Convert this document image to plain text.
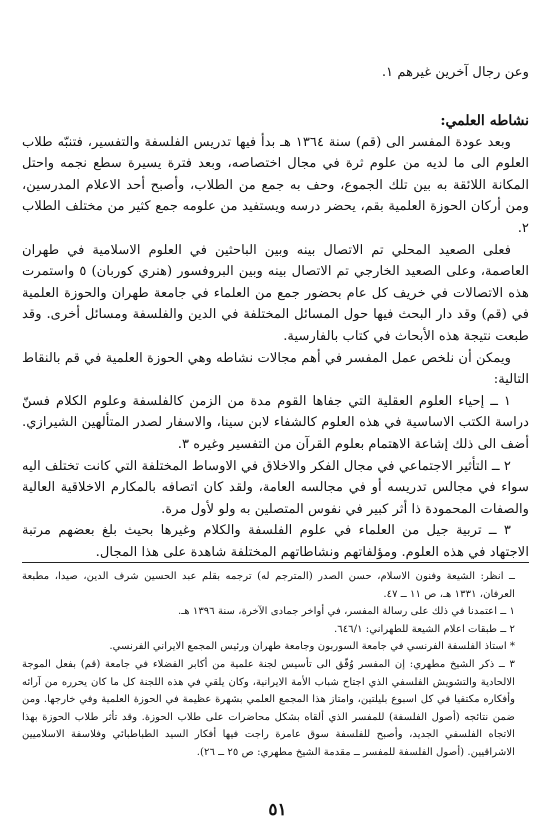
وعن رجال آخرين غيرهم ١.

نشاطه العلمي:

وبعد عودة المفسر الى (قم) سنة ١٣٦٤ هـ بدأ فيها تدريس الفلسفة والتفسير، فتنبّه طلاب العلوم الى ما لديه من علوم ثرة في مجال اختصاصه، وبعد فترة يسيرة سطع نجمه واحتل المكانة اللائقة به بين تلك الجموع، وحف به جمع من الطلاب، وأصبح أحد الاعلام المدرسين، ومن أركان الحوزة العلمية بقم، يحضر درسه ويستفيد من علومه جمع كثير من مختلف الطلاب ٢.

فعلى الصعيد المحلي تم الاتصال بينه وبين الباحثين في العلوم الاسلامية في طهران العاصمة، وعلى الصعيد الخارجي تم الاتصال بينه وبين البروفسور (هنري كوربان) ٥ واستمرت هذه الاتصالات في خريف كل عام بحضور جمع من العلماء في جامعة طهران والحوزة العلمية في (قم) وقد دار البحث فيها حول المسائل المختلفة في الدين والفلسفة ومسائل أخرى. وقد طبعت نتيجة هذه الأبحاث في كتاب بالفارسية.

ويمكن أن نلخص عمل المفسر في أهم مجالات نشاطه وهي الحوزة العلمية في قم بالنقاط التالية:

١ ــ إحياء العلوم العقلية التي جفاها القوم مدة من الزمن كالفلسفة وعلوم الكلام فسنّ دراسة الكتب الاساسية في هذه العلوم كالشفاء لابن سينا، والاسفار لصدر المتألهين الشيرازي. أضف الى ذلك إشاعة الاهتمام بعلوم القرآن من التفسير وغيره ٣.

٢ ــ التأثير الاجتماعي في مجال الفكر والاخلاق في الاوساط المختلفة التي كانت تختلف اليه سواء في مجالس تدريسه أو في مجالسه العامة، ولقد كان اتصافه بالمكارم الاخلاقية العالية والصفات المحمودة ذا أثر كبير في نفوس المتصلين به ولو لأول مرة.

٣ ــ تربية جيل من العلماء في علوم الفلسفة والكلام وغيرها بحيث بلغ بعضهم مرتبة الاجتهاد في هذه العلوم. ومؤلفاتهم ونشاطاتهم المختلفة شاهدة على هذا المجال.

ــ انظر: الشيعة وفنون الاسلام، حسن الصدر (المترجم له) ترجمه بقلم عبد الحسين شرف الدين، صيدا، مطبعة العرفان، ١٣٣١ هـ، ص ١١ ــ ٤٧.

١ ــ اعتمدنا في ذلك على رسالة المفسر، في أواخر جمادى الآخرة، سنة ١٣٩٦ هـ.

٢ ــ طبقات اعلام الشيعة للطهراني: ٦٤٦/١.

* استاذ الفلسفة الفرنسي في جامعة السوربون وجامعة طهران ورئيس المجمع الايراني الفرنسي.

٣ ــ ذكر الشيخ مطهري: إن المفسر وُفّق الى تأسيس لجنة علمية من أكابر الفضلاء في جامعة (قم) بفعل الموجة الالحادية والتشويش الفلسفي الذي اجتاح شباب الأمة الايرانية، وكان يلقي في هذه اللجنة كل ما كان يحرره من آرائه وأفكاره مكتفيا في كل اسبوع بليلتين، وامتاز هذا المجمع العلمي بشهرة عظيمة في الحوزة العلمية وفي خارجها. ومن ضمن نتائجه (أصول الفلسفة) للمفسر الذي ألقاه بشكل محاضرات على طلاب الحوزة. وقد تأثر طلاب الحوزة بهذا الاتجاه الفلسفي الجديد، وأصبح للفلسفة سوق عامرة راجت فيها أفكار السيد الطباطبائي وفلاسفة الاسلاميين الاشراقيين. (أصول الفلسفة للمفسر ــ مقدمة الشيخ مطهري: ص ٢٥ ــ ٢٦).

٥١
